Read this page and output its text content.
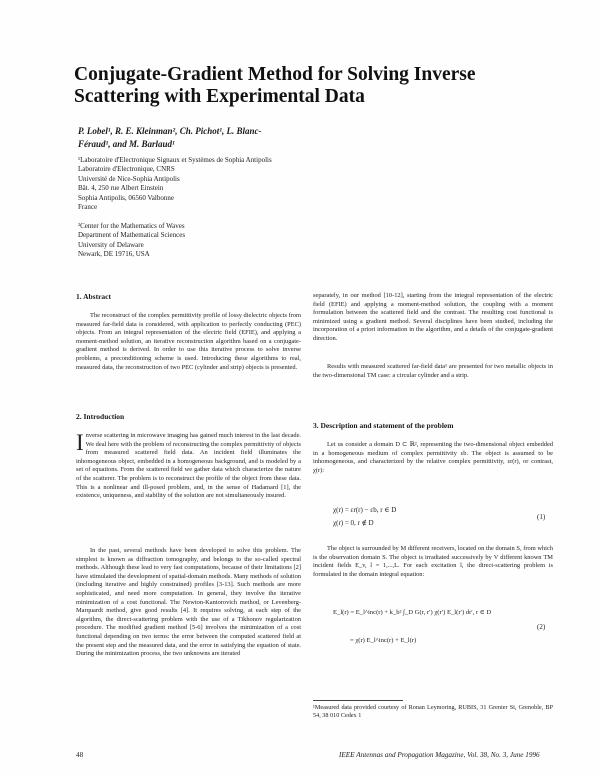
Conjugate-Gradient Method for Solving Inverse
Scattering with Experimental Data
P. Lobel¹, R. E. Kleinman², Ch. Pichot¹, L. Blanc-
Féraud¹, and M. Barlaud¹
¹Laboratoire d'Electronique Signaux et Systèmes de Sophia Antipolis
Laboratoire d'Electronique, CNRS
Université de Nice-Sophia Antipolis
Bât. 4, 250 rue Albert Einstein
Sophia Antipolis, 06560 Valbonne
France
²Center for the Mathematics of Waves
Department of Mathematical Sciences
University of Delaware
Newark, DE 19716, USA
1. Abstract
The reconstruct of the complex permittivity profile of lossy dielectric objects from measured far-field data is considered, with application to perfectly conducting (PEC) objects. From an integral representation of the electric field (EFIE), and applying a moment-method solution, an iterative reconstruction algorithm based on a conjugate-gradient method is derived. In order to use this iterative process to solve inverse problems, a preconditioning scheme is used. Introducing these algorithms to real, measured data, the reconstruction of two PEC (cylinder and strip) objects is presented.
2. Introduction
Inverse scattering in microwave imaging has gained much interest in the last decade. We deal here with the problem of reconstructing the complex permittivity of objects from measured scattered field data. An incident field illuminates the inhomogeneous object, embedded in a homogeneous background, and is modeled by a set of equations. From the scattered field we gather data which characterize the nature of the scatterer. The problem is to reconstruct the profile of the object from these data. This is a nonlinear and ill-posed problem, and, in the sense of Hadamard [1], the existence, uniqueness, and stability of the solution are not simultaneously insured.
In the past, several methods have been developed to solve this problem. The simplest is known as diffraction tomography, and belongs to the so-called spectral methods. Although these lead to very fast computations, because of their limitations [2] have stimulated the development of spatial-domain methods. Many methods of solution (including iterative and highly constrained) profiles [3-13]. Such methods are more sophisticated, and need more computation. In general, they involve the iterative minimization of a cost functional. The Newton-Kantorovich method, or Levenberg-Marquardt method, give good results [4]. It requires solving, at each step of the algorithm, the direct-scattering problem with the use of a Tikhonov regularization procedure. The modified gradient method [5-6] involves the minimization of a cost functional depending on two terms: the error between the computed scattered field at the present step and the measured data, and the error in satisfying the equation of state. During the minimization process, the two unknowns are iterated
separately, in our method [10-12], starting from the integral representation of the electric field (EFIE) and applying a moment-method solution, the coupling with a moment formulation between the scattered field and the contrast. The resulting cost functional is minimized using a gradient method. Several disciplines have been studied, including the incorporation of a priori information in the algorithm, and a details of the conjugate-gradient direction.
Results with measured scattered far-field data¹ are presented for two metallic objects in the two-dimensional TM case: a circular cylinder and a strip.
3. Description and statement of the problem
Let us consider a domain D ⊂ ℝ², representing the two-dimensional object embedded in a homogeneous medium of complex permittivity εb. The object is assumed to be inhomogeneous, and characterized by the relative complex permittivity, εr(r), or contrast, χ(r):
χ(r) = εr(r) − εb, r ∈ D
χ(r) = 0, r ∉ D
(1)
The object is surrounded by M different receivers, located on the domain S, from which is the observation domain S. The object is irradiated successively by V different known TM incident fields E_v, l = 1,...,L. For each excitation l, the direct-scattering problem is formulated in the domain integral equation:
E_l(r) = E_l^inc(r) + k_b² ∫_D G(r, r′) χ(r′) E_l(r′) dr′, r ∈ D
= χ(r) E_l^inc(r) + E_l(r)
(2)
¹Measured data provided courtesy of Ronan Leymoring, RUBIS, 31 Grenier St, Grenoble, BP 54, 38 010 Cedex 1
48	IEEE Antennas and Propagation Magazine, Vol. 38, No. 3, June 1996
